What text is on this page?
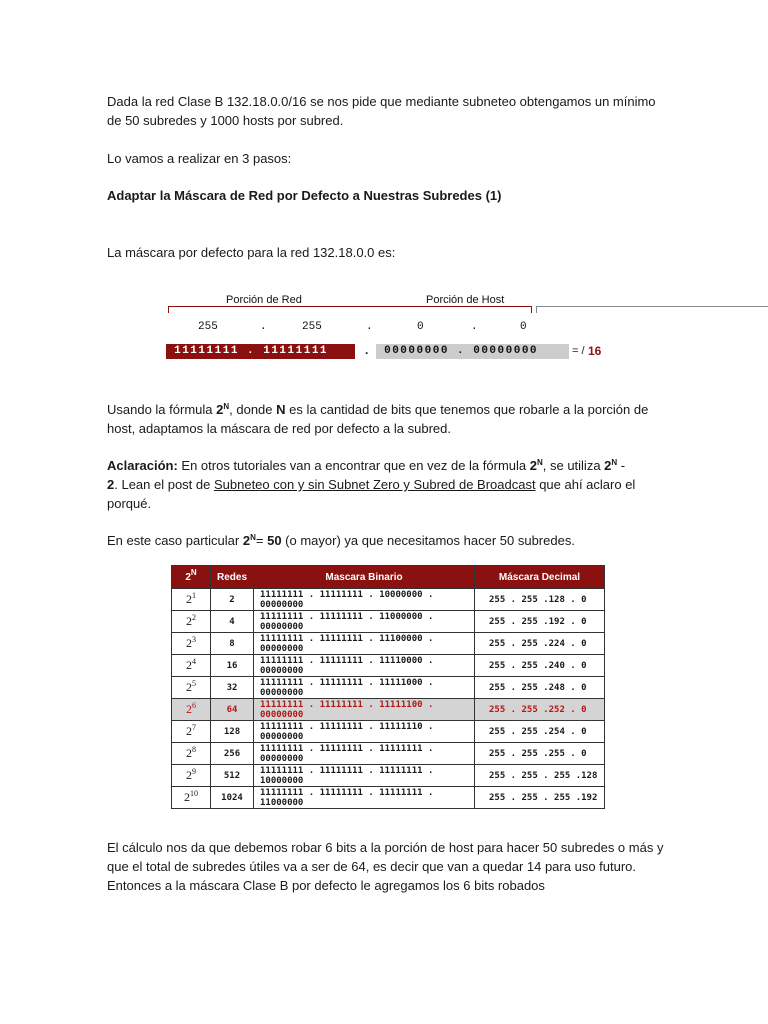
Dada la red Clase B 132.18.0.0/16 se nos pide que mediante subneteo obtengamos un mínimo de 50 subredes y 1000 hosts por subred.
Lo vamos a realizar en 3 pasos:
Adaptar la Máscara de Red por Defecto a Nuestras Subredes (1)
La máscara por defecto para la red 132.18.0.0 es:
Porción de Red	Porción de Host
255	.	255	.	0	.	0
11111111 . 11111111	.	00000000 . 00000000	= / 16
Usando la fórmula $2^N$, donde N es la cantidad de bits que tenemos que robarle a la porción de host, adaptamos la máscara de red por defecto a la subred.
Aclaración: En otros tutoriales van a encontrar que en vez de la fórmula $2^N$, se utiliza $2^N$ -
2. Lean el post de Subneteo con y sin Subnet Zero y Subred de Broadcast que ahí aclaro el porqué.
En este caso particular $2^N= 50$ (o mayor) ya que necesitamos hacer 50 subredes.
$2^N$	Redes	Mascara Binario	Máscara Decimal
$2^1$	2	11111111 . 11111111 . 10000000 . 00000000	255 . 255 .128 . 0
$2^2$	4	11111111 . 11111111 . 11000000 . 00000000	255 . 255 .192 . 0
$2^3$	8	11111111 . 11111111 . 11100000 . 00000000	255 . 255 .224 . 0
$2^4$	16	11111111 . 11111111 . 11110000 . 00000000	255 . 255 .240 . 0
$2^5$	32	11111111 . 11111111 . 11111000 . 00000000	255 . 255 .248 . 0
$2^6$	64	11111111 . 11111111 . 11111100 . 00000000	255 . 255 .252 . 0
$2^7$	128	11111111 . 11111111 . 11111110 . 00000000	255 . 255 .254 . 0
$2^8$	256	11111111 . 11111111 . 11111111 . 00000000	255 . 255 .255 . 0
$2^9$	512	11111111 . 11111111 . 11111111 . 10000000	255 . 255 . 255 .128
$2^{10}$	1024	11111111 . 11111111 . 11111111 . 11000000	255 . 255 . 255 .192
El cálculo nos da que debemos robar 6 bits a la porción de host para hacer 50 subredes o más y que el total de subredes útiles va a ser de 64, es decir que van a quedar 14 para uso futuro. Entonces a la máscara Clase B por defecto le agregamos los 6 bits robados
